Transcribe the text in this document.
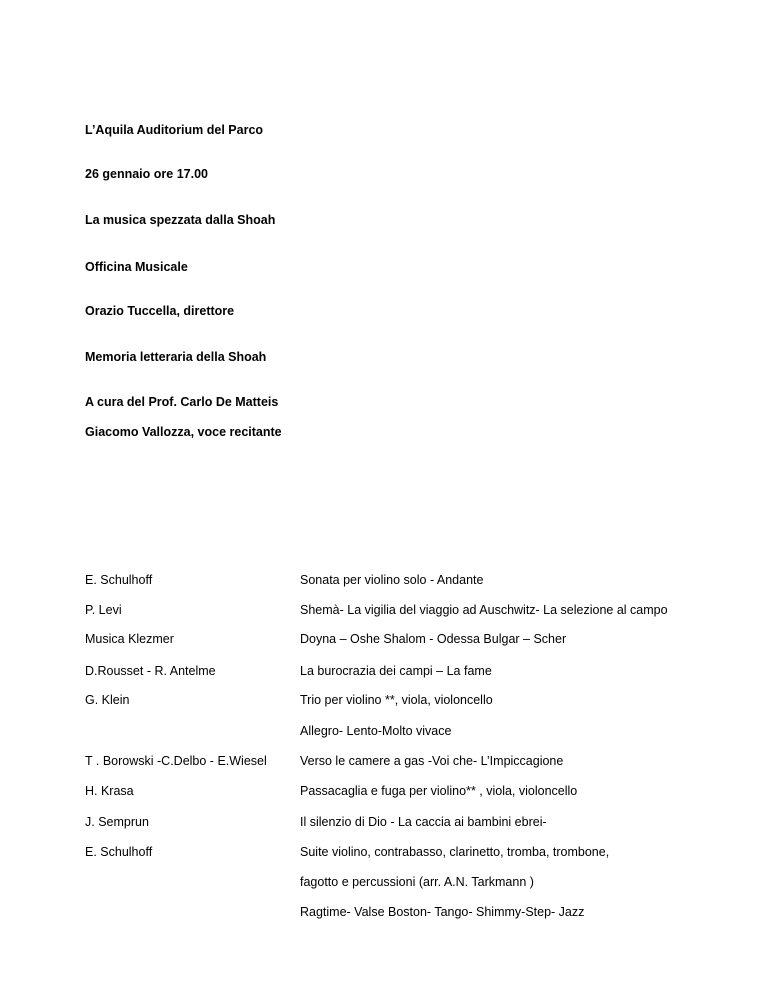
L’Aquila Auditorium del Parco
26 gennaio ore 17.00
La musica spezzata dalla Shoah
Officina Musicale
Orazio Tuccella, direttore
Memoria letteraria della Shoah
A cura del Prof. Carlo De Matteis
Giacomo Vallozza, voce recitante
E. Schulhoff	Sonata per violino solo - Andante
P. Levi	Shemà- La vigilia del viaggio ad Auschwitz- La selezione al campo
Musica Klezmer	Doyna – Oshe Shalom - Odessa Bulgar – Scher
D.Rousset - R. Antelme	La burocrazia dei campi – La fame
G. Klein	Trio per violino **, viola, violoncello
Allegro- Lento-Molto vivace
T . Borowski -C.Delbo - E.Wiesel	Verso le camere a gas -Voi che- L’Impiccagione
H. Krasa	Passacaglia e fuga per violino** , viola, violoncello
J. Semprun	Il silenzio di Dio - La caccia ai bambini ebrei-
E. Schulhoff	Suite violino, contrabasso, clarinetto, tromba, trombone,
fagotto e percussioni (arr. A.N. Tarkmann )
Ragtime- Valse Boston- Tango- Shimmy-Step- Jazz
